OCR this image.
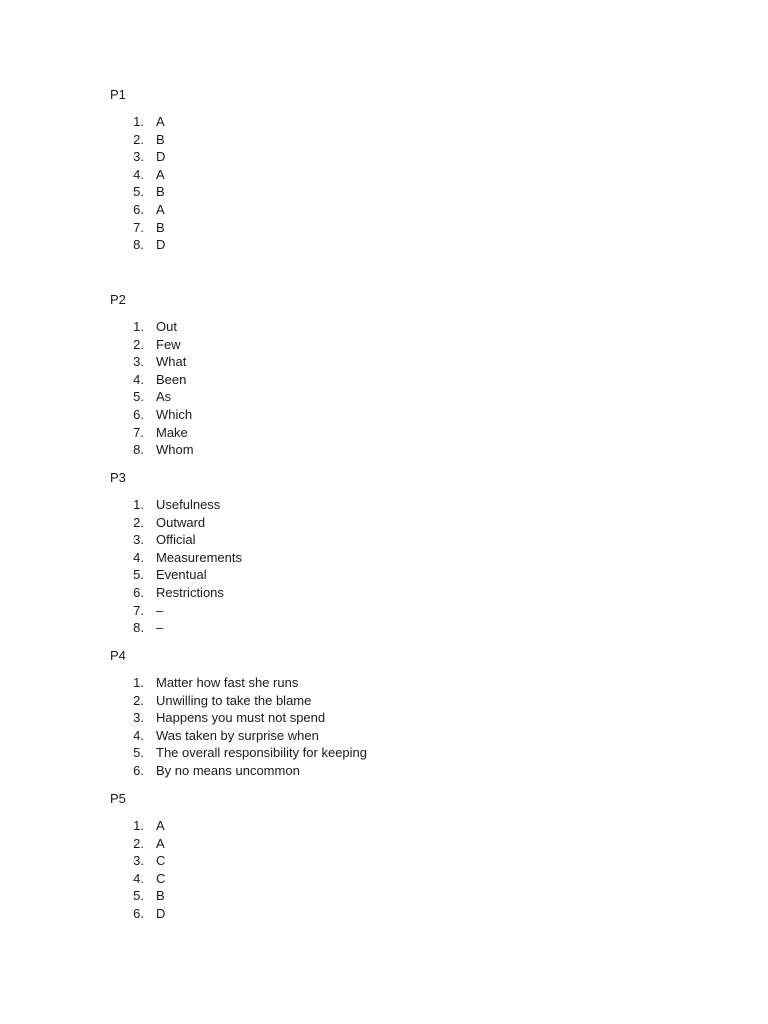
P1
1. A
2. B
3. D
4. A
5. B
6. A
7. B
8. D
P2
1. Out
2. Few
3. What
4. Been
5. As
6. Which
7. Make
8. Whom
P3
1. Usefulness
2. Outward
3. Official
4. Measurements
5. Eventual
6. Restrictions
7. –
8. –
P4
1. Matter how fast she runs
2. Unwilling to take the blame
3. Happens you must not spend
4. Was taken by surprise when
5. The overall responsibility for keeping
6. By no means uncommon
P5
1. A
2. A
3. C
4. C
5. B
6. D
